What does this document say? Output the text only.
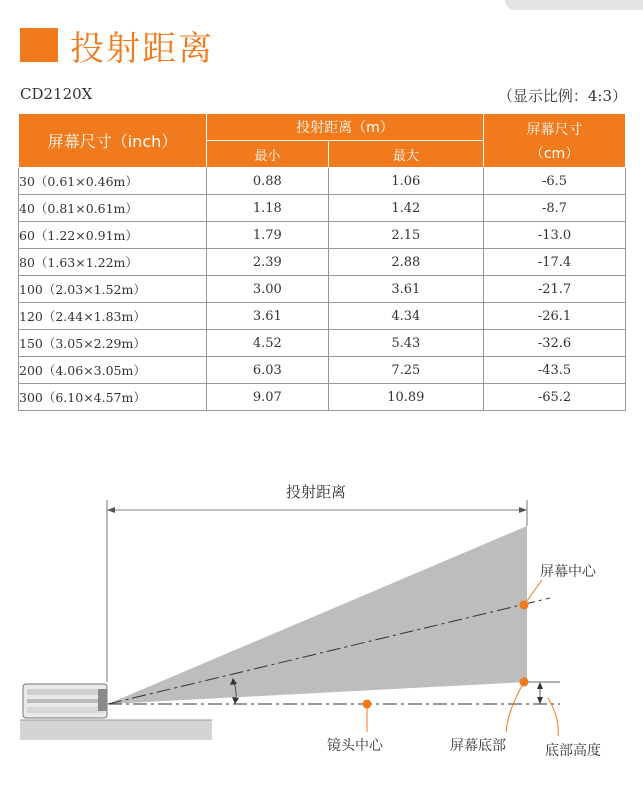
投射距离
CD2120X	（显示比例：4:3）
屏幕尺寸（inch）	投射距离（m）		屏幕尺寸
（cm）

	最小	最大	
30（0.61×0.46m）	0.88	1.06	-6.5
40（0.81×0.61m）	1.18	1.42	-8.7
60（1.22×0.91m）	1.79	2.15	-13.0
80（1.63×1.22m）	2.39	2.88	-17.4
100（2.03×1.52m）	3.00	3.61	-21.7
120（2.44×1.83m）	3.61	4.34	-26.1
150（3.05×2.29m）	4.52	5.43	-32.6
200（4.06×3.05m）	6.03	7.25	-43.5
300（6.10×4.57m）	9.07	10.89	-65.2
投射距离
屏幕中心
镜头中心	屏幕底部	底部高度
